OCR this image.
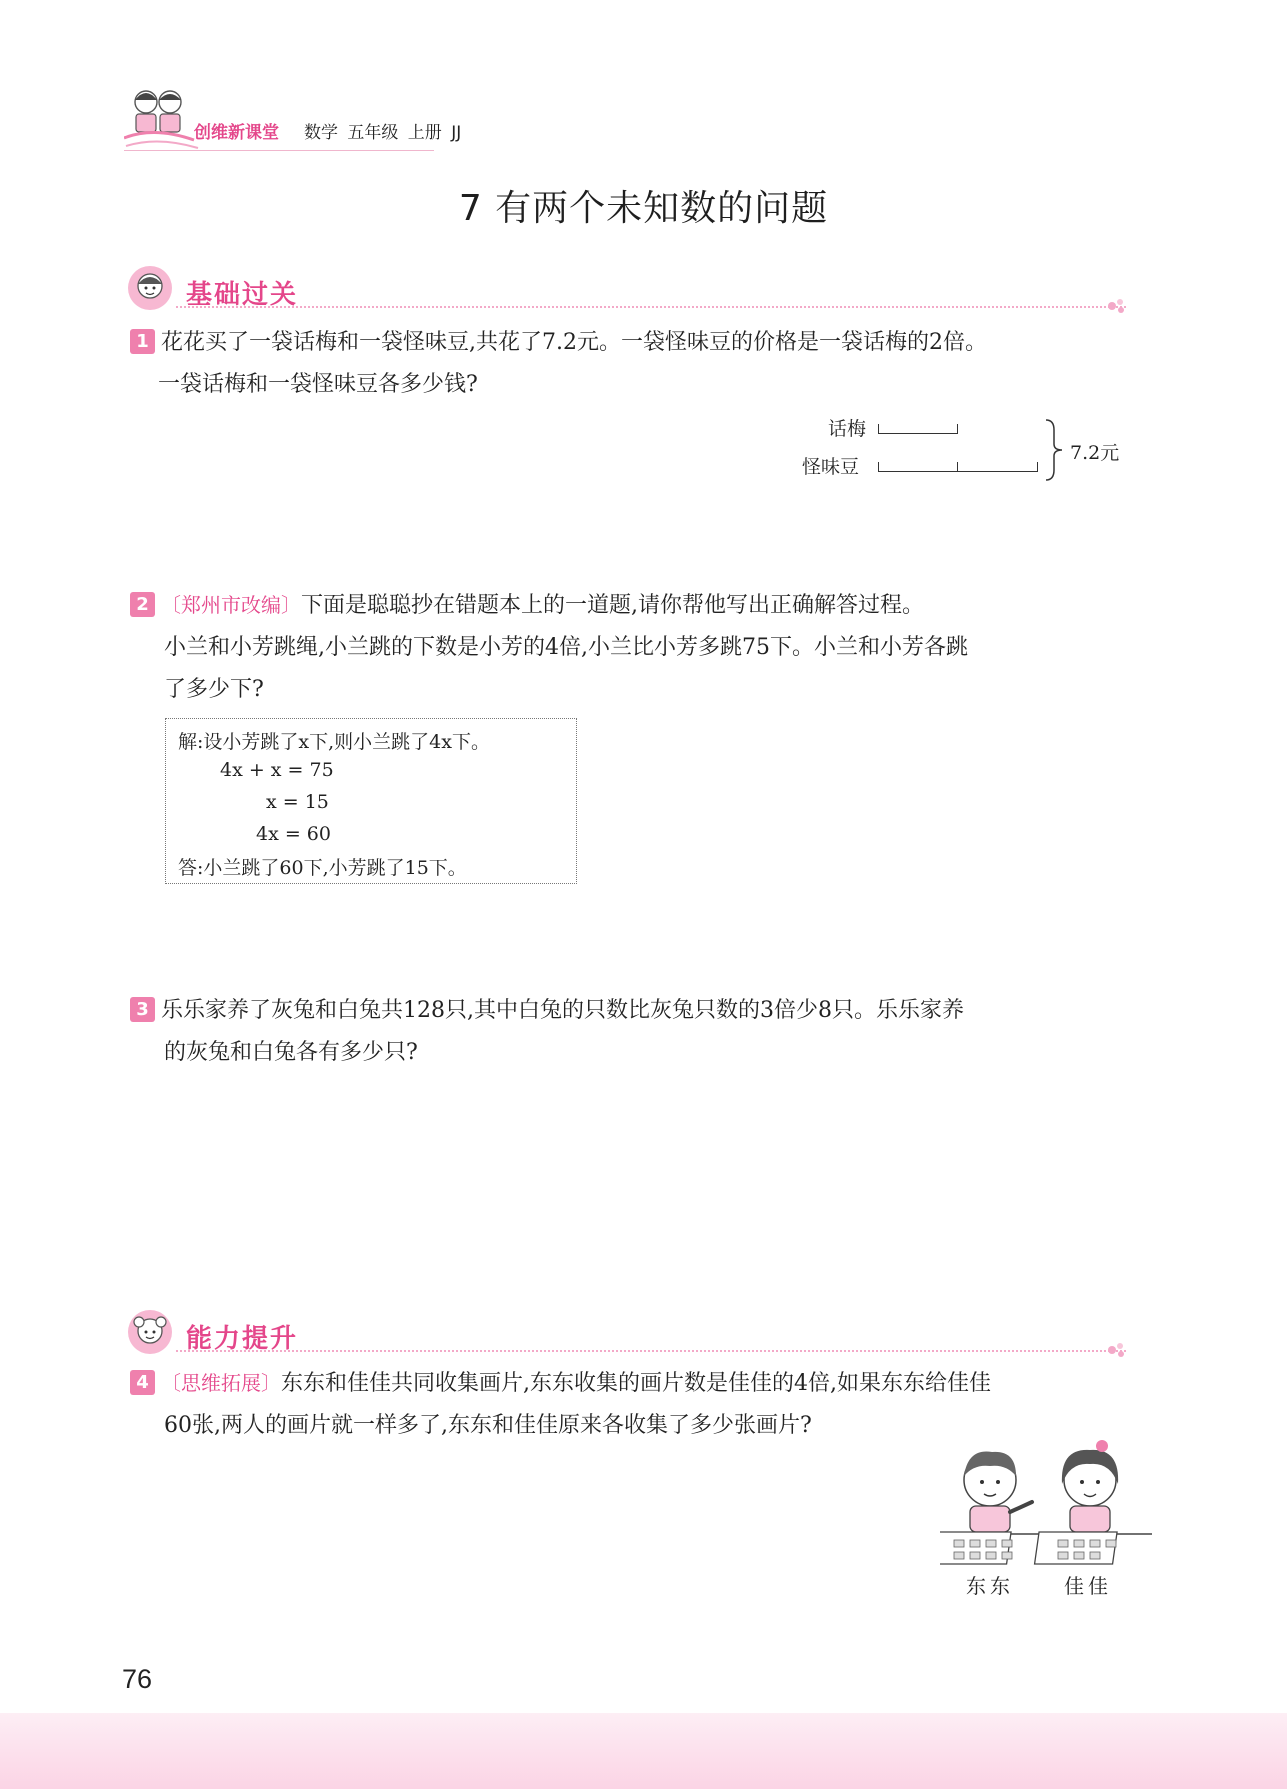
创维新课堂 数学 五年级 上册 JJ
7 有两个未知数的问题
基础过关
1 花花买了一袋话梅和一袋怪味豆,共花了7.2元。一袋怪味豆的价格是一袋话梅的2倍。
一袋话梅和一袋怪味豆各多少钱?
话梅
怪味豆
7.2元
2 〔郑州市改编〕下面是聪聪抄在错题本上的一道题,请你帮他写出正确解答过程。
小兰和小芳跳绳,小兰跳的下数是小芳的4倍,小兰比小芳多跳75下。小兰和小芳各跳
了多少下?
解:设小芳跳了x下,则小兰跳了4x下。
4x + x = 75
x = 15
4x = 60
答:小兰跳了60下,小芳跳了15下。
3 乐乐家养了灰兔和白兔共128只,其中白兔的只数比灰兔只数的3倍少8只。乐乐家养
的灰兔和白兔各有多少只?
能力提升
4 〔思维拓展〕东东和佳佳共同收集画片,东东收集的画片数是佳佳的4倍,如果东东给佳佳
60张,两人的画片就一样多了,东东和佳佳原来各收集了多少张画片?
东东	佳佳
76
